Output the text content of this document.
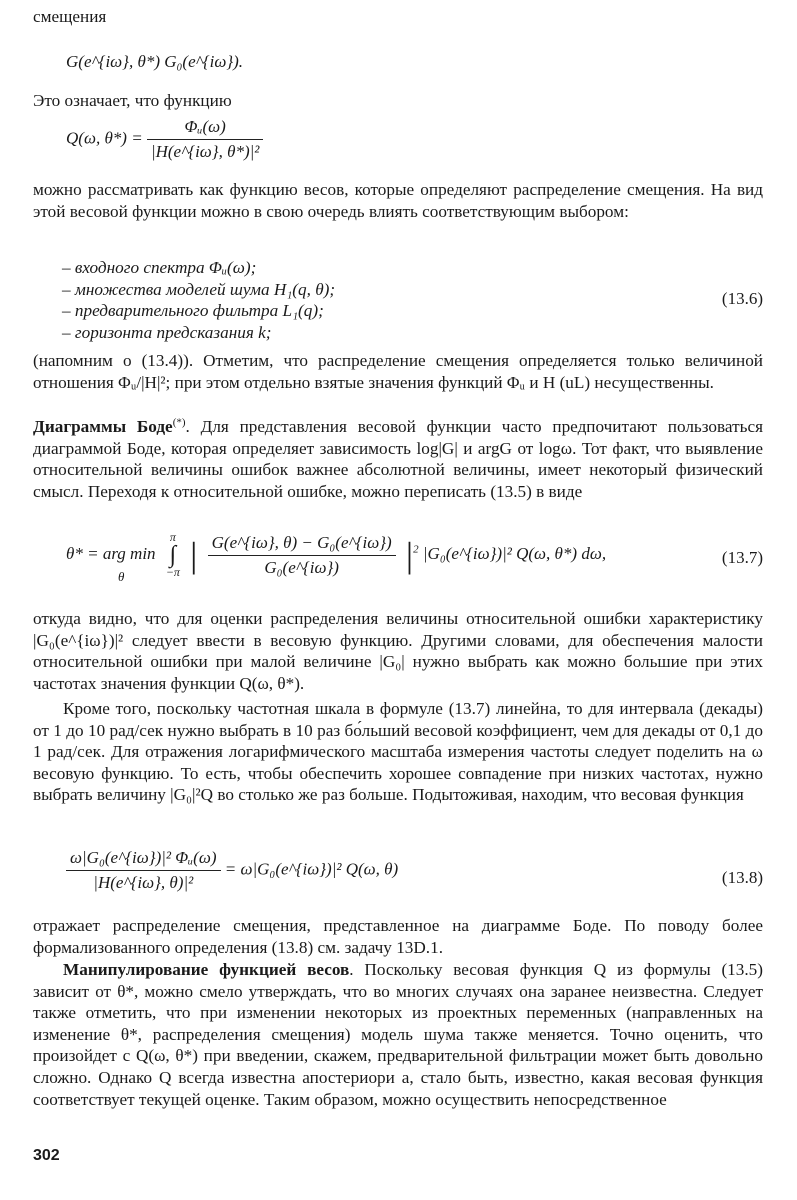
смещения

G(e^{iω}, θ*) G₀(e^{iω}).

Это означает, что функцию

Q(ω, $\theta*) = \frac{\text{Φᵤ(ω)}}{\text{|H(e\textasciicircum{}\{iω\}, θ*)|²}}$

можно рассматривать как функцию весов, которые определяют распределение смещения. На вид этой весовой функции можно в свою очередь влиять соответствующим выбором:

– входного спектра Φᵤ(ω);
– множества моделей шума H₁(q, θ);
– предварительного фильтра L₁(q);
– горизонта предсказания k;
(13.6)

(напомним о (13.4)). Отметим, что распределение смещения определяется только величиной отношения Φᵤ/|H|²; при этом отдельно взятые значения функций Φᵤ и H (uL) несущественны.

Диаграммы Боде(*). Для представления весовой функции часто предпочитают пользоваться диаграммой Боде, которая определяет зависимость log|G| и argG от logω. Тот факт, что выявление относительной величины ошибок важнее абсолютной величины, имеет некоторый физический смысл. Переходя к относительной ошибке, можно переписать (13.5) в виде

θ* = arg min
π
∫
−π | $\frac{\text{G(e\textasciicircum{}\{iω\}, θ) − G₀(e\textasciicircum{}\{iω\})}}{\text{G₀(e\textasciicircum{}\{iω\})}} |^2$ |G₀(e^{iω})|² Q(ω, θ*) dω,
θ
(13.7)

откуда видно, что для оценки распределения величины относительной ошибки характеристику |G₀(e^{iω})|² следует ввести в весовую функцию. Другими словами, для обеспечения малости относительной ошибки при малой величине |G₀| нужно выбрать как можно большие при этих частотах значения функции Q(ω, θ*).

Кроме того, поскольку частотная шкала в формуле (13.7) линейна, то для интервала (декады) от 1 до 10 рад/сек нужно выбрать в 10 раз бо́льший весовой коэффициент, чем для декады от 0,1 до 1 рад/сек. Для отражения логарифмического масштаба измерения частоты следует поделить на ω весовую функцию. То есть, чтобы обеспечить хорошее совпадение при низких частотах, нужно выбрать величину |G₀|²Q во столько же раз больше. Подытоживая, находим, что весовая функция

$\frac{\text{ω|G₀(e\textasciicircum{}\{iω\})|² Φᵤ(ω)}}{\text{|H(e\textasciicircum{}\{iω\}, θ)|²}}$ = ω|G₀(e^{iω})|² Q(ω, θ)	(13.8)

отражает распределение смещения, представленное на диаграмме Боде. По поводу более формализованного определения (13.8) см. задачу 13D.1.

Манипулирование функцией весов. Поскольку весовая функция Q из формулы (13.5) зависит от θ*, можно смело утверждать, что во многих случаях она заранее неизвестна. Следует также отметить, что при изменении некоторых из проектных переменных (направленных на изменение θ*, распределения смещения) модель шума также меняется. Точно оценить, что произойдет с Q(ω, θ*) при введении, скажем, предварительной фильтрации может быть довольно сложно. Однако Q всегда известна апостериори а, стало быть, известно, какая весовая функция соответствует текущей оценке. Таким образом, можно осуществить непосредственное

302
